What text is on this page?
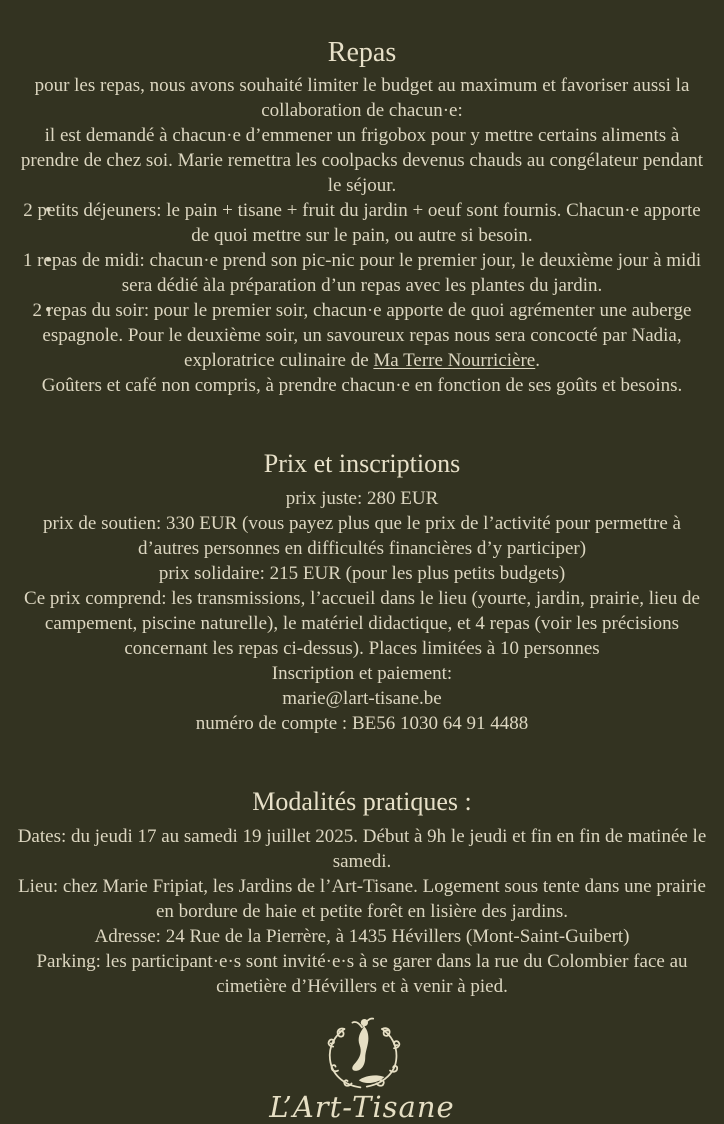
Repas

pour les repas, nous avons souhaité limiter le budget au maximum et favoriser aussi la collaboration de chacun·e:

il est demandé à chacun·e d’emmener un frigobox pour y mettre certains aliments à prendre de chez soi. Marie remettra les coolpacks devenus chauds au congélateur pendant le séjour.

2 petits déjeuners: le pain + tisane + fruit du jardin + oeuf sont fournis. Chacun·e apporte de quoi mettre sur le pain, ou autre si besoin.
1 repas de midi: chacun·e prend son pic-nic pour le premier jour, le deuxième jour à midi sera dédié àla préparation d’un repas avec les plantes du jardin.
2 repas du soir: pour le premier soir, chacun·e apporte de quoi agrémenter une auberge espagnole. Pour le deuxième soir, un savoureux repas nous sera concocté par Nadia, exploratrice culinaire de Ma Terre Nourricière.

Goûters et café non compris, à prendre chacun·e en fonction de ses goûts et besoins.

Prix et inscriptions

prix juste: 280 EUR

prix de soutien: 330 EUR (vous payez plus que le prix de l’activité pour permettre à d’autres personnes en difficultés financières d’y participer)

prix solidaire: 215 EUR (pour les plus petits budgets)

Ce prix comprend: les transmissions, l’accueil dans le lieu (yourte, jardin, prairie, lieu de campement, piscine naturelle), le matériel didactique, et 4 repas (voir les précisions concernant les repas ci-dessus). Places limitées à 10 personnes

Inscription et paiement:

marie@lart-tisane.be

numéro de compte : BE56 1030 64 91 4488

Modalités pratiques :

Dates: du jeudi 17 au samedi 19 juillet 2025. Début à 9h le jeudi et fin en fin de matinée le samedi.

Lieu: chez Marie Fripiat, les Jardins de l’Art-Tisane. Logement sous tente dans une prairie en bordure de haie et petite forêt en lisière des jardins.

Adresse: 24 Rue de la Pierrère, à 1435 Hévillers (Mont-Saint-Guibert)

Parking: les participant·e·s sont invité·e·s à se garer dans la rue du Colombier face au cimetière d’Hévillers et à venir à pied.

L’Art-Tisane
